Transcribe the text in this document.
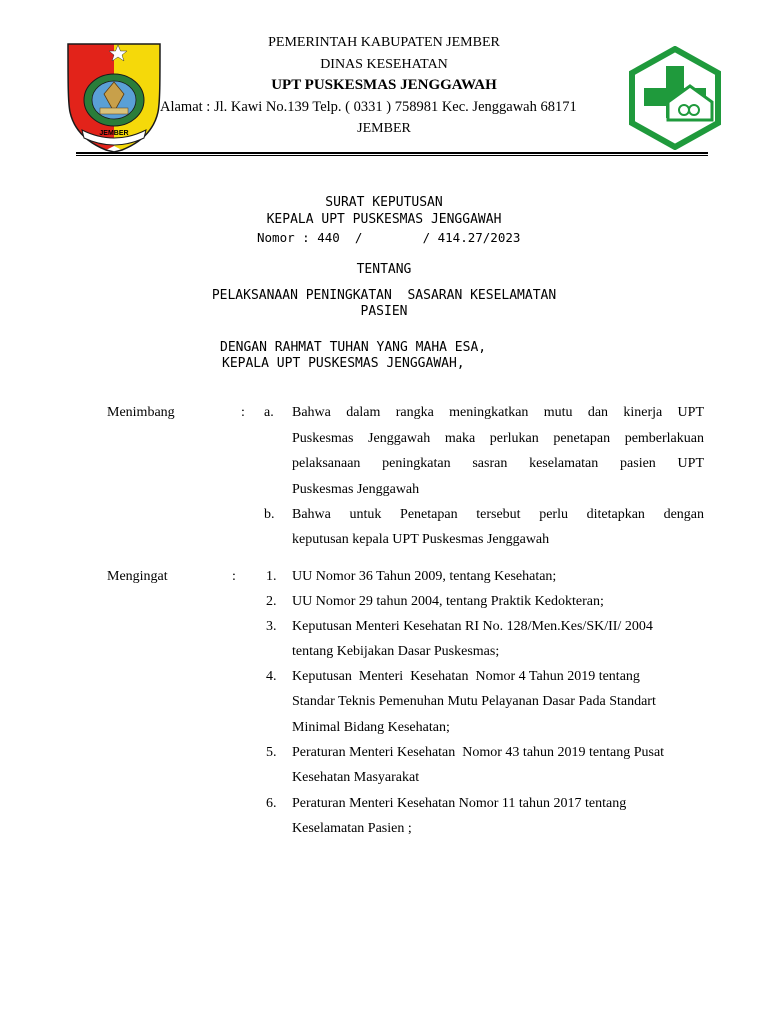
JEMBER
PEMERINTAH KABUPATEN JEMBER
DINAS KESEHATAN
UPT PUSKESMAS JENGGAWAH
Alamat : Jl. Kawi No.139 Telp. ( 0331 ) 758981 Kec. Jenggawah 68171
JEMBER
SURAT KEPUTUSAN
KEPALA UPT PUSKESMAS JENGGAWAH
Nomor : 440  /        / 414.27/2023
TENTANG
PELAKSANAAN PENINGKATAN  SASARAN KESELAMATAN
PASIEN
DENGAN RAHMAT TUHAN YANG MAHA ESA,
KEPALA UPT PUSKESMAS JENGGAWAH,
Menimbang	: a. Bahwa dalam rangka meningkatkan mutu dan kinerja UPT
Puskesmas Jenggawah maka perlukan penetapan pemberlakuan
pelaksanaan peningkatan sasran keselamatan pasien UPT
Puskesmas Jenggawah
b. Bahwa untuk Penetapan tersebut perlu ditetapkan dengan
keputusan kepala UPT Puskesmas Jenggawah
Mengingat	: 1. UU Nomor 36 Tahun 2009, tentang Kesehatan;
2. UU Nomor 29 tahun 2004, tentang Praktik Kedokteran;
3. Keputusan Menteri Kesehatan RI No. 128/Men.Kes/SK/II/ 2004
tentang Kebijakan Dasar Puskesmas;
4. Keputusan  Menteri  Kesehatan  Nomor 4 Tahun 2019 tentang
Standar Teknis Pemenuhan Mutu Pelayanan Dasar Pada Standart
Minimal Bidang Kesehatan;
5. Peraturan Menteri Kesehatan  Nomor 43 tahun 2019 tentang Pusat
Kesehatan Masyarakat
6. Peraturan Menteri Kesehatan Nomor 11 tahun 2017 tentang
Keselamatan Pasien ;
